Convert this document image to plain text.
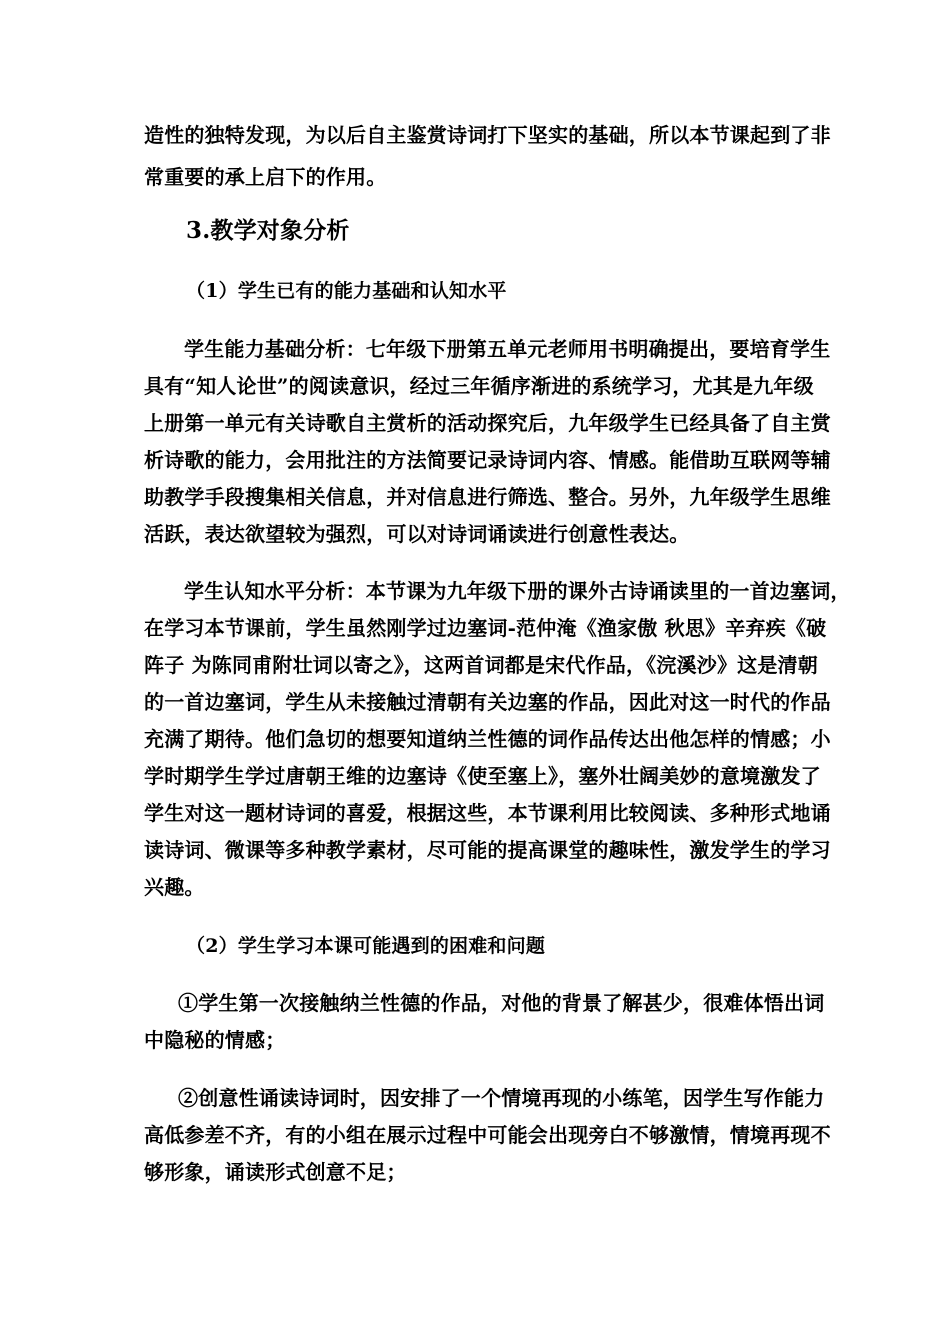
造性的独特发现，为以后自主鉴赏诗词打下坚实的基础，所以本节课起到了非
常重要的承上启下的作用。
3.教学对象分析
（1）学生已有的能力基础和认知水平
学生能力基础分析：七年级下册第五单元老师用书明确提出，要培育学生
具有“知人论世”的阅读意识，经过三年循序渐进的系统学习，尤其是九年级
上册第一单元有关诗歌自主赏析的活动探究后，九年级学生已经具备了自主赏
析诗歌的能力，会用批注的方法简要记录诗词内容、情感。能借助互联网等辅
助教学手段搜集相关信息，并对信息进行筛选、整合。另外，九年级学生思维
活跃，表达欲望较为强烈，可以对诗词诵读进行创意性表达。
学生认知水平分析：本节课为九年级下册的课外古诗诵读里的一首边塞词，
在学习本节课前，学生虽然刚学过边塞词-范仲淹《渔家傲 秋思》辛弃疾《破
阵子 为陈同甫附壮词以寄之》，这两首词都是宋代作品，《浣溪沙》这是清朝
的一首边塞词，学生从未接触过清朝有关边塞的作品，因此对这一时代的作品
充满了期待。他们急切的想要知道纳兰性德的词作品传达出他怎样的情感；小
学时期学生学过唐朝王维的边塞诗《使至塞上》，塞外壮阔美妙的意境激发了
学生对这一题材诗词的喜爱，根据这些，本节课利用比较阅读、多种形式地诵
读诗词、微课等多种教学素材，尽可能的提高课堂的趣味性，激发学生的学习
兴趣。
（2）学生学习本课可能遇到的困难和问题
①学生第一次接触纳兰性德的作品，对他的背景了解甚少，很难体悟出词
中隐秘的情感；
②创意性诵读诗词时，因安排了一个情境再现的小练笔，因学生写作能力
高低参差不齐，有的小组在展示过程中可能会出现旁白不够激情，情境再现不
够形象，诵读形式创意不足；
